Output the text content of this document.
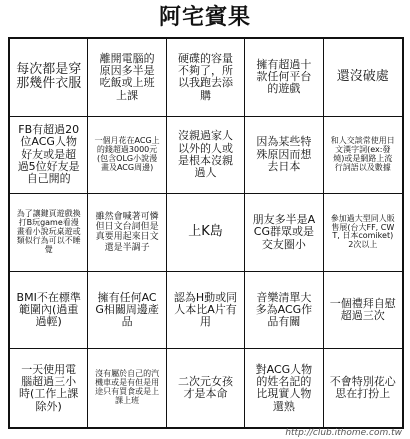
阿宅賓果
每次都是穿那幾件衣服
離開電腦的原因多半是吃飯或上班上課
硬碟的容量不夠了，所以我跑去添購
擁有超過十款任何平台的遊戲
還沒破處
FB有超過20位ACG人物好友或是超過5位好友是自己開的
一個月花在ACG上的錢超過3000元(包含OLG小說漫畫及ACG周邊)
沒親過家人以外的人或是根本沒親過人
因為某些特殊原因而想去日本
和人交談常使用日文漢字詞(ex:發燒)或是網路上流行詞語以及數據
為了讓鍵頁遊戲換打B玩game看漫畫看小說玩桌遊或類似行為可以不睡覺
雖然會喊著可憐但日文台詞但是真要用起來日文還是半調子
上K島
朋友多半是ACG群眾或是交友圈小
參加過大型同人販售展(台大FF, CWT, 日本comiket) 2次以上
BMI不在標準範圍內(過重過輕)
擁有任何ACG相關周邊產品
認為H動或同人本比A片有用
音樂清單大多為ACG作品有關
一個禮拜自慰超過三次
一天使用電腦超過三小時(工作上課除外)
沒有屬於自己的汽機車或是有但是用途只有買食或是上課上班
二次元女孩才是本命
對ACG人物的姓名記的比現實人物還熟
不會特別花心思在打扮上
http://club.ithome.com.tw
